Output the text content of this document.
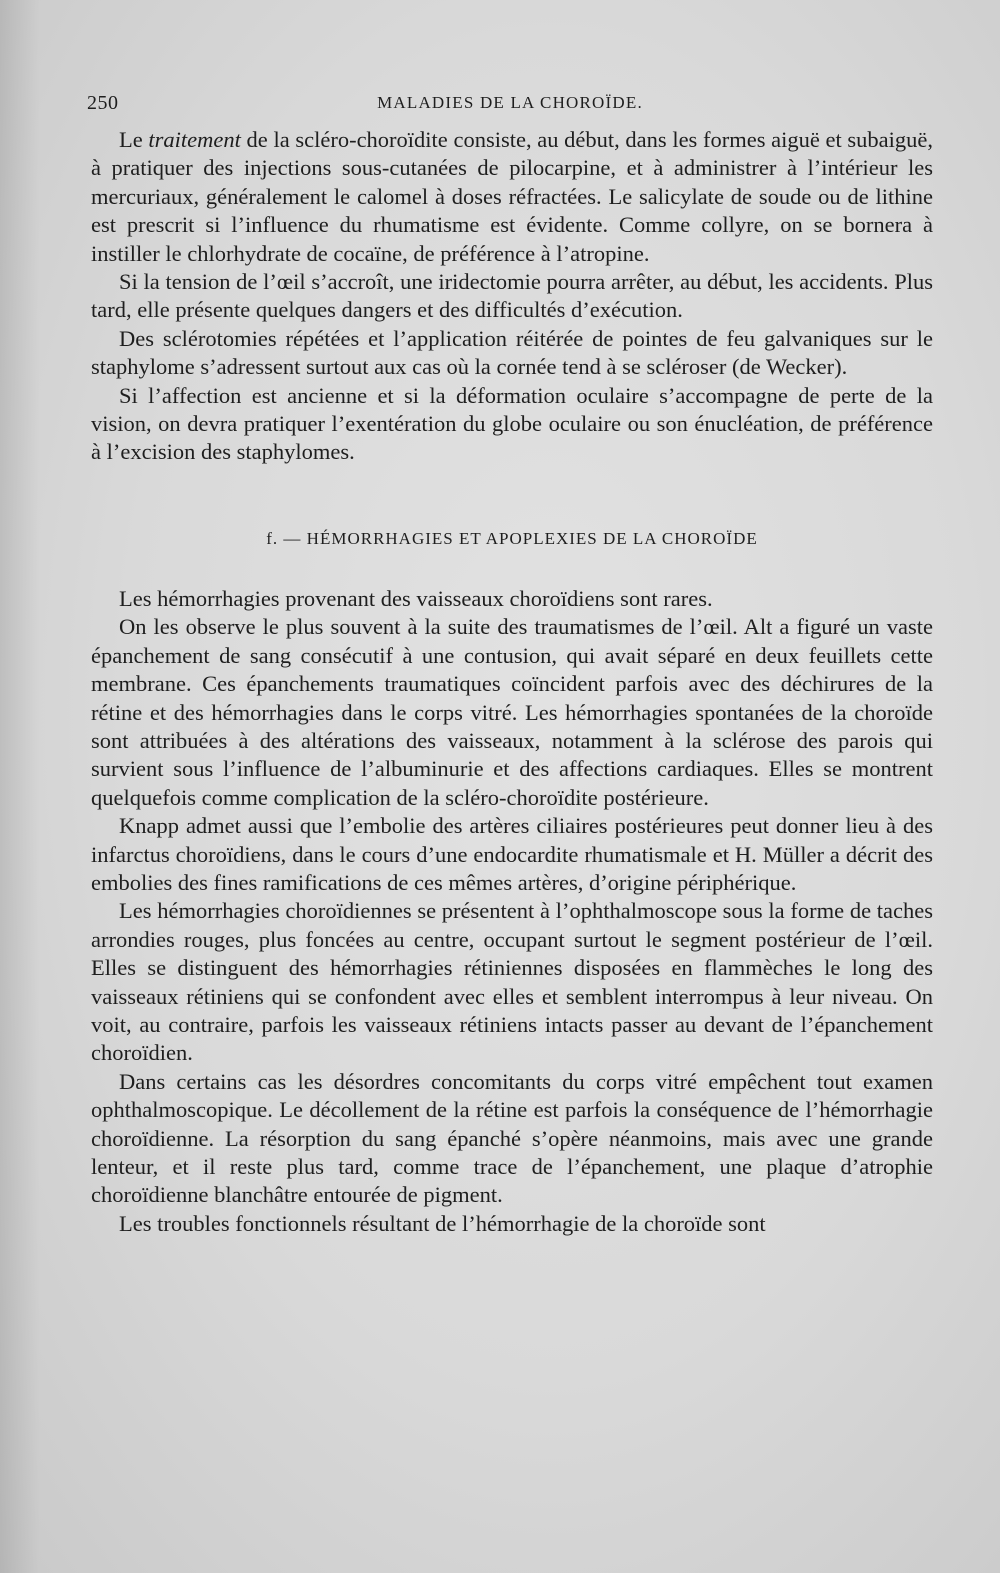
250	MALADIES DE LA CHOROÏDE.

Le traitement de la scléro-choroïdite consiste, au début, dans les formes aiguë et subaiguë, à pratiquer des injections sous-cutanées de pilocarpine, et à administrer à l’intérieur les mercuriaux, généralement le calomel à doses réfractées. Le salicylate de soude ou de lithine est prescrit si l’influence du rhumatisme est évidente. Comme collyre, on se bornera à instiller le chlorhydrate de cocaïne, de préférence à l’atropine.

Si la tension de l’œil s’accroît, une iridectomie pourra arrêter, au début, les accidents. Plus tard, elle présente quelques dangers et des difficultés d’exécution.

Des sclérotomies répétées et l’application réitérée de pointes de feu galvaniques sur le staphylome s’adressent surtout aux cas où la cornée tend à se scléroser (de Wecker).

Si l’affection est ancienne et si la déformation oculaire s’accompagne de perte de la vision, on devra pratiquer l’exentération du globe oculaire ou son énucléation, de préférence à l’excision des staphylomes.

f. — HÉMORRHAGIES ET APOPLEXIES DE LA CHOROÏDE

Les hémorrhagies provenant des vaisseaux choroïdiens sont rares.

On les observe le plus souvent à la suite des traumatismes de l’œil. Alt a figuré un vaste épanchement de sang consécutif à une contusion, qui avait séparé en deux feuillets cette membrane. Ces épanchements traumatiques coïncident parfois avec des déchirures de la rétine et des hémorrhagies dans le corps vitré. Les hémorrhagies spontanées de la choroïde sont attribuées à des altérations des vaisseaux, notamment à la sclérose des parois qui survient sous l’influence de l’albuminurie et des affections cardiaques. Elles se montrent quelquefois comme complication de la scléro-choroïdite postérieure.

Knapp admet aussi que l’embolie des artères ciliaires postérieures peut donner lieu à des infarctus choroïdiens, dans le cours d’une endocardite rhumatismale et H. Müller a décrit des embolies des fines ramifications de ces mêmes artères, d’origine périphérique.

Les hémorrhagies choroïdiennes se présentent à l’ophthalmoscope sous la forme de taches arrondies rouges, plus foncées au centre, occupant surtout le segment postérieur de l’œil. Elles se distinguent des hémorrhagies rétiniennes disposées en flammèches le long des vaisseaux rétiniens qui se confondent avec elles et semblent interrompus à leur niveau. On voit, au contraire, parfois les vaisseaux rétiniens intacts passer au devant de l’épanchement choroïdien.

Dans certains cas les désordres concomitants du corps vitré empêchent tout examen ophthalmoscopique. Le décollement de la rétine est parfois la conséquence de l’hémorrhagie choroïdienne. La résorption du sang épanché s’opère néanmoins, mais avec une grande lenteur, et il reste plus tard, comme trace de l’épanchement, une plaque d’atrophie choroïdienne blanchâtre entourée de pigment.

Les troubles fonctionnels résultant de l’hémorrhagie de la choroïde sont
